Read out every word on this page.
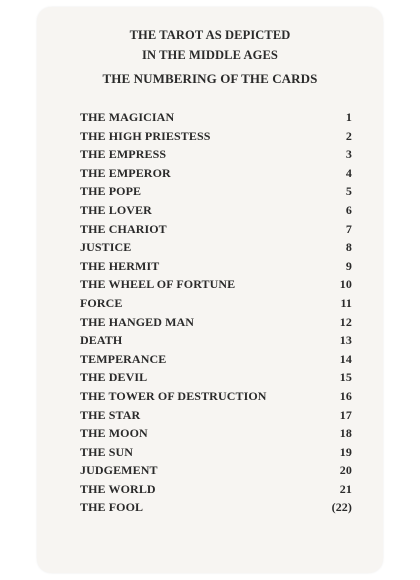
THE TAROT AS DEPICTED

IN THE MIDDLE AGES

THE NUMBERING OF THE CARDS

THE MAGICIAN	1
THE HIGH PRIESTESS	2
THE EMPRESS	3
THE EMPEROR	4
THE POPE	5
THE LOVER	6
THE CHARIOT	7
JUSTICE	8
THE HERMIT	9
THE WHEEL OF FORTUNE	10
FORCE	11
THE HANGED MAN	12
DEATH	13
TEMPERANCE	14
THE DEVIL	15
THE TOWER OF DESTRUCTION	16
THE STAR	17
THE MOON	18
THE SUN	19
JUDGEMENT	20
THE WORLD	21
THE FOOL	(22)
